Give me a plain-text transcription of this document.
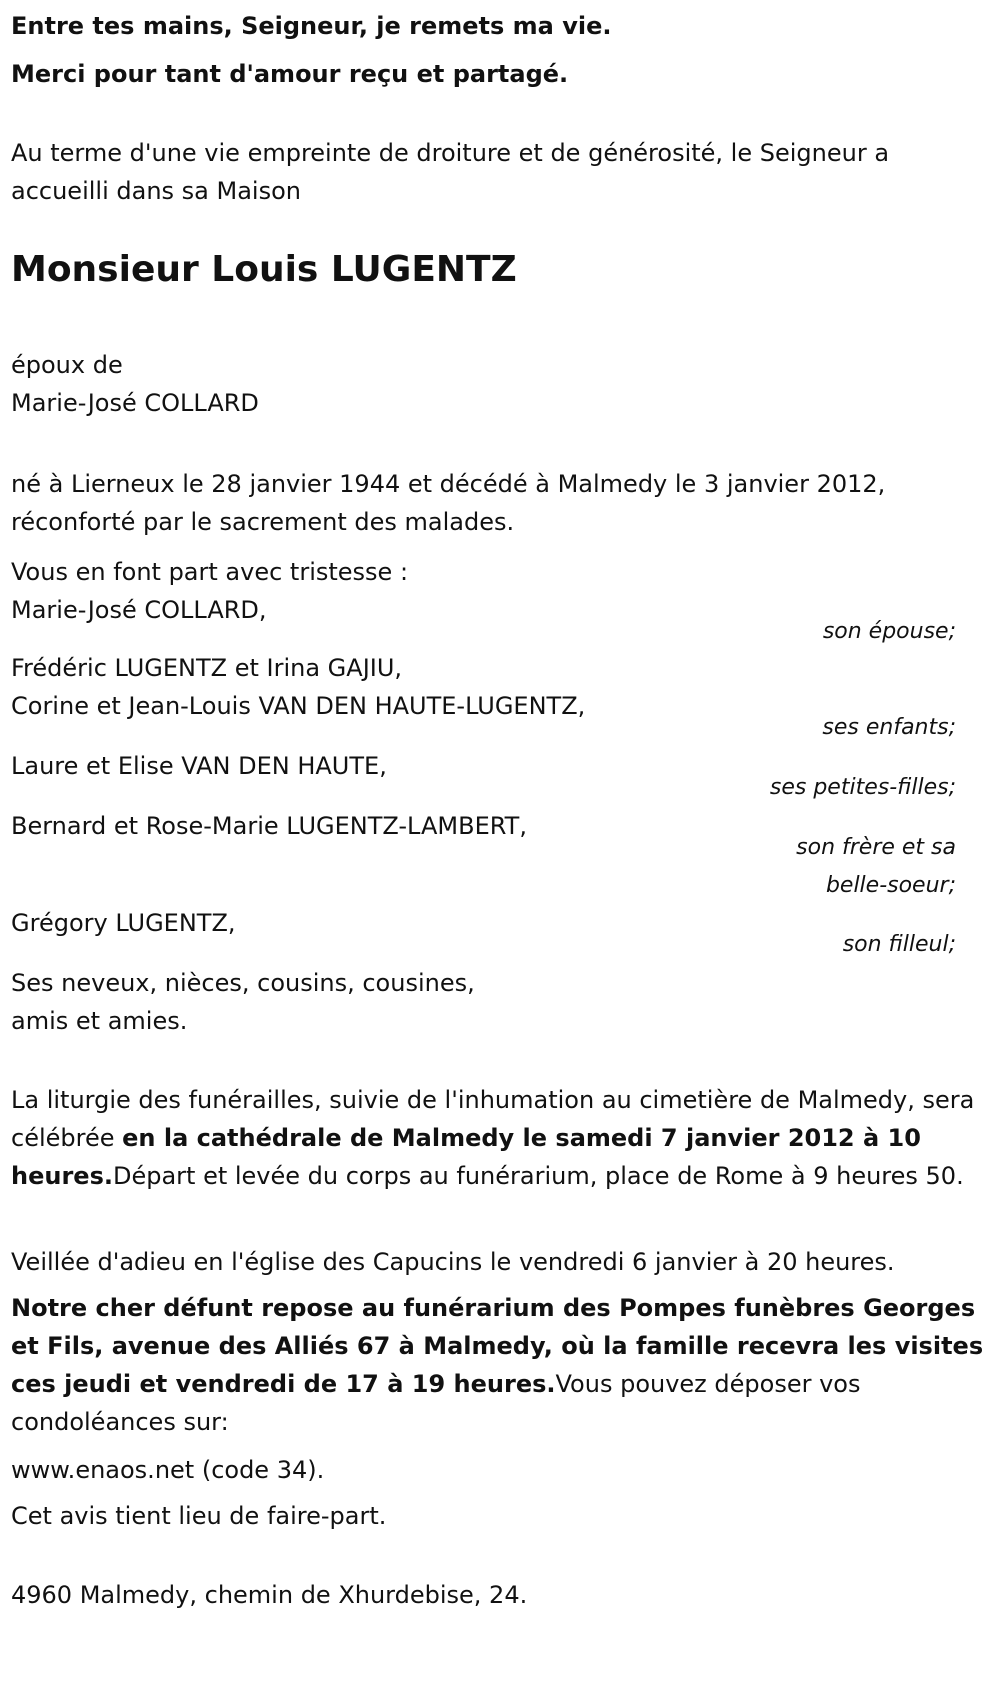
Entre tes mains, Seigneur, je remets ma vie.

Merci pour tant d'amour reçu et partagé.

Au terme d'une vie empreinte de droiture et de générosité, le Seigneur a accueilli dans sa Maison

Monsieur Louis LUGENTZ

époux de

Marie-José COLLARD

né à Lierneux le 28 janvier 1944 et décédé à Malmedy le 3 janvier 2012, réconforté par le sacrement des malades.

Vous en font part avec tristesse :

Marie-José COLLARD,

son épouse;

Frédéric LUGENTZ et Irina GAJIU,

Corine et Jean-Louis VAN DEN HAUTE-LUGENTZ,

ses enfants;

Laure et Elise VAN DEN HAUTE,

ses petites-filles;

Bernard et Rose-Marie LUGENTZ-LAMBERT,

son frère et sa

belle-soeur;

Grégory LUGENTZ,

son filleul;

Ses neveux, nièces, cousins, cousines,

amis et amies.

La liturgie des funérailles, suivie de l'inhumation au cimetière de Malmedy, sera célébrée en la cathédrale de Malmedy le samedi 7 janvier 2012 à 10 heures.Départ et levée du corps au funérarium, place de Rome à 9 heures 50.

Veillée d'adieu en l'église des Capucins le vendredi 6 janvier à 20 heures.

Notre cher défunt repose au funérarium des Pompes funèbres Georges et Fils, avenue des Alliés 67 à Malmedy, où la famille recevra les visites ces jeudi et vendredi de 17 à 19 heures.Vous pouvez déposer vos condoléances sur:

www.enaos.net (code 34).

Cet avis tient lieu de faire-part.

4960 Malmedy, chemin de Xhurdebise, 24.
